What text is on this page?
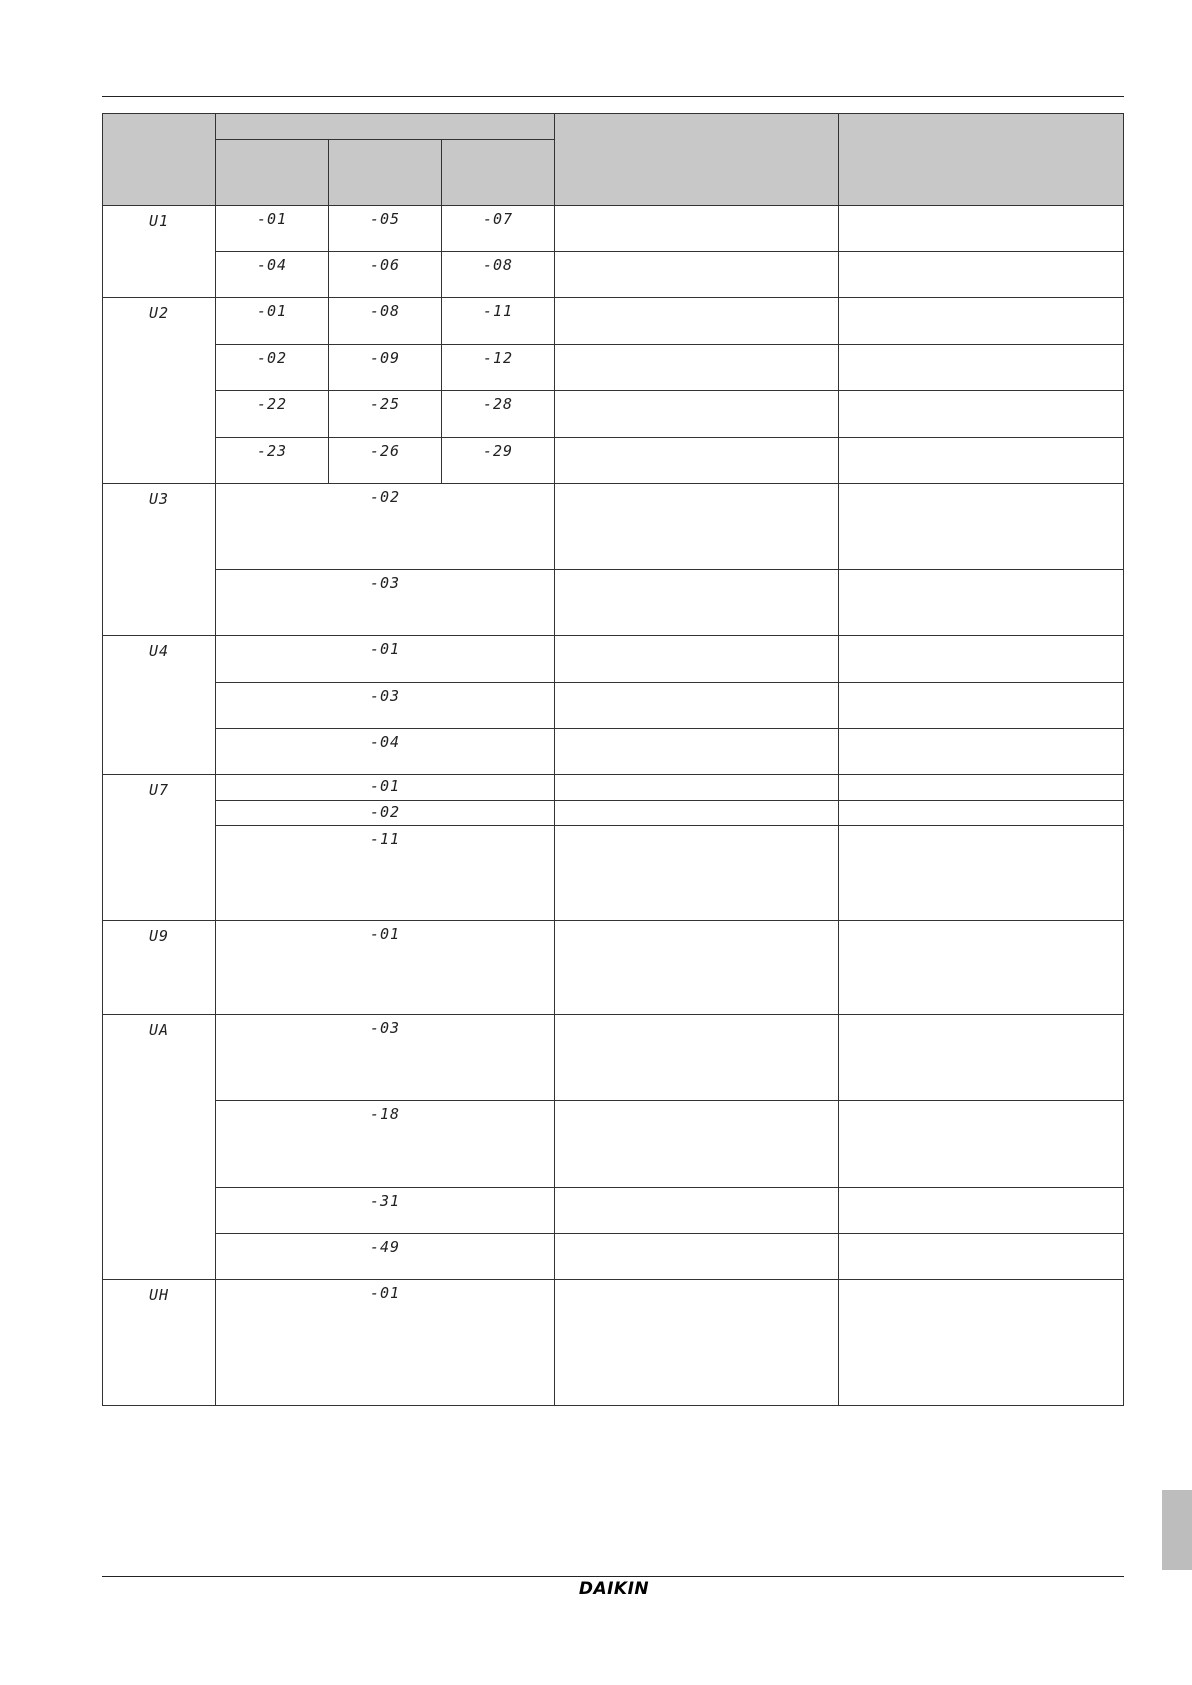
U1	-01	-05	-07		
	-04	-06	-08		
U2	-01	-08	-11		
	-02	-09	-12		
	-22	-25	-28		
	-23	-26	-29		
U3	-02				
	-03				
U4	-01				
	-03				
	-04				
U7	-01				
	-02				
	-11				
U9	-01				
UA	-03				
	-18				
	-31				
	-49				
UH	-01				
DAIKIN
